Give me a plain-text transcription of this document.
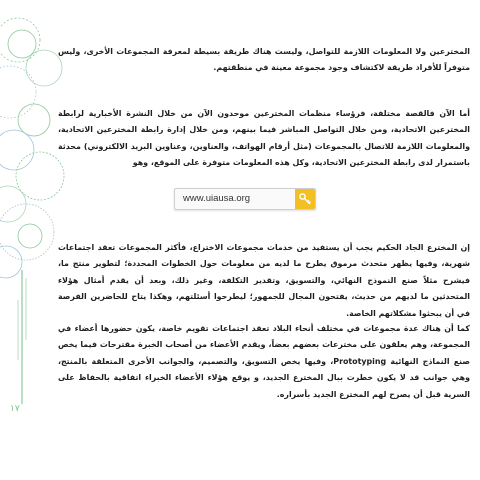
المخترعين ولا المعلومات اللازمة للتواصل، وليست هناك طريقة بسيطة لمعرفة المجموعات الأخرى، وليس متوفراً للأفراد طريقة لاكتشاف وجود مجموعة معينة في منطقتهم.

أما الآن فالقصة مختلفة، فرؤساء منظمات المخترعين موحدون الآن من خلال النشرة الأخبارية لرابطة المخترعين الاتحادية، ومن خلال التواصل المباشر فيما بينهم، ومن خلال إدارة رابطة المخترعين الاتحادية، والمعلومات اللازمة للاتصال بالمجموعات (مثل أرقام الهواتف، والعناوين، وعناوين البريد الالكتروني) محدثة باستمرار لدى رابطة المخترعين الاتحادية، وكل هذه المعلومات متوفرة على الموقع، وهو

www.uiausa.org

إن المخترع الجاد الحكيم يجب أن يستفيد من خدمات مجموعات الاختراع، فأكثر المجموعات تعقد اجتماعات شهرية، وفيها يظهر متحدث مرموق يطرح ما لديه من معلومات حول الخطوات المحددة؛ لتطوير منتج ما، فيشرح مثلاً صنع النموذج النهائي، والتسويق، وتقدير التكلفة، وغير ذلك، وبعد أن يقدم أمثال هؤلاء المتحدثين ما لديهم من حديث، يفتحون المجال للجمهور؛ ليطرحوا أسئلتهم، وهكذا يتاح للحاضرين الفرصة في أن يبحثوا مشكلاتهم الخاصة.

كما أن هناك عدة مجموعات في مختلف أنحاء البلاد تعقد اجتماعات تقويم خاصة، يكون حضورها أعضاء في المجموعة، وهم يعلقون على مخترعات بعضهم بعضاً، ويقدم الأعضاء من أصحاب الخبرة مقترحات فيما يخص صنع النماذج النهائية Prototyping، وفيها يخص التسويق، والتصميم، والجوانب الأخرى المتعلقة بالمنتج، وهي جوانب قد لا يكون خطرت ببال المخترع الجديد، و يوقع هؤلاء الأعضاء الخبراء اتفاقية بالحفاظ على السرية قبل أن يصرح لهم المخترع الجديد بأسراره.

١٧
